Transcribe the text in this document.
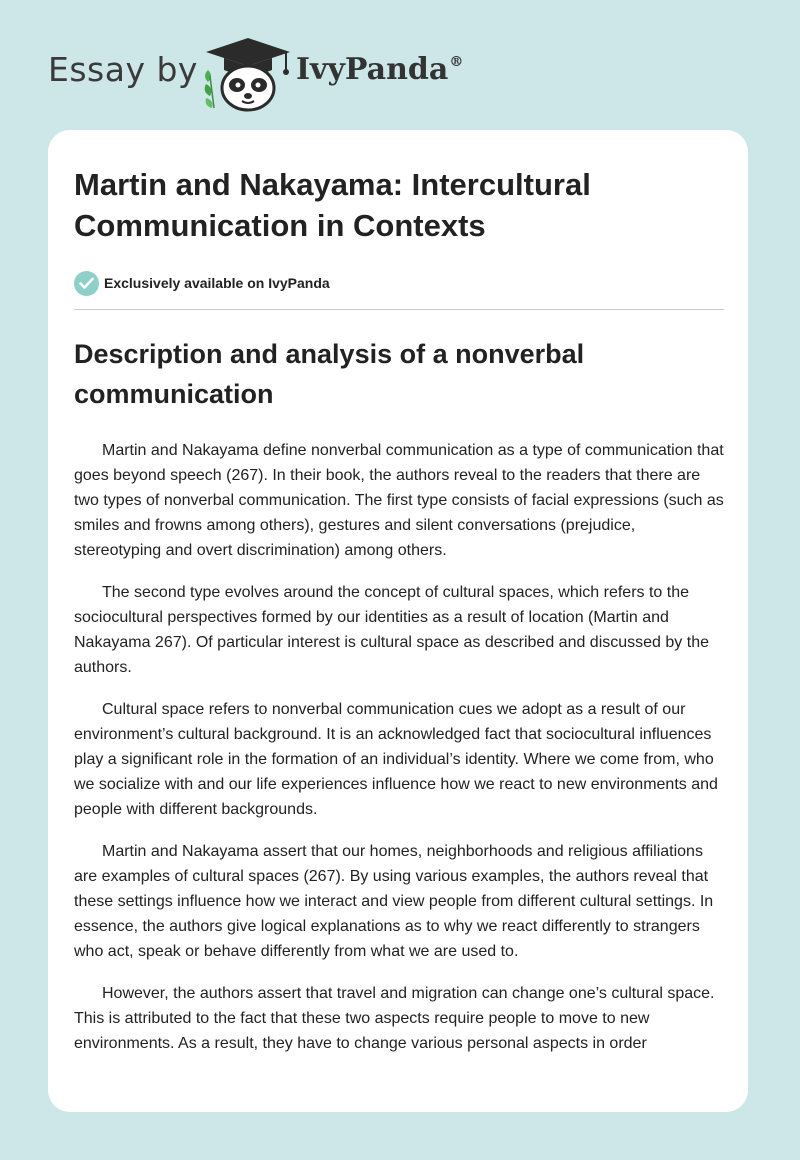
Essay by	IvyPanda®
Martin and Nakayama: Intercultural Communication in Contexts
Exclusively available on IvyPanda
Description and analysis of a nonverbal communication

Martin and Nakayama define nonverbal communication as a type of communication that goes beyond speech (267). In their book, the authors reveal to the readers that there are two types of nonverbal communication. The first type consists of facial expressions (such as smiles and frowns among others), gestures and silent conversations (prejudice, stereotyping and overt discrimination) among others.

The second type evolves around the concept of cultural spaces, which refers to the sociocultural perspectives formed by our identities as a result of location (Martin and Nakayama 267). Of particular interest is cultural space as described and discussed by the authors.

Cultural space refers to nonverbal communication cues we adopt as a result of our environment’s cultural background. It is an acknowledged fact that sociocultural influences play a significant role in the formation of an individual’s identity. Where we come from, who we socialize with and our life experiences influence how we react to new environments and people with different backgrounds.

Martin and Nakayama assert that our homes, neighborhoods and religious affiliations are examples of cultural spaces (267). By using various examples, the authors reveal that these settings influence how we interact and view people from different cultural settings. In essence, the authors give logical explanations as to why we react differently to strangers who act, speak or behave differently from what we are used to.

However, the authors assert that travel and migration can change one’s cultural space. This is attributed to the fact that these two aspects require people to move to new environments. As a result, they have to change various personal aspects in order
